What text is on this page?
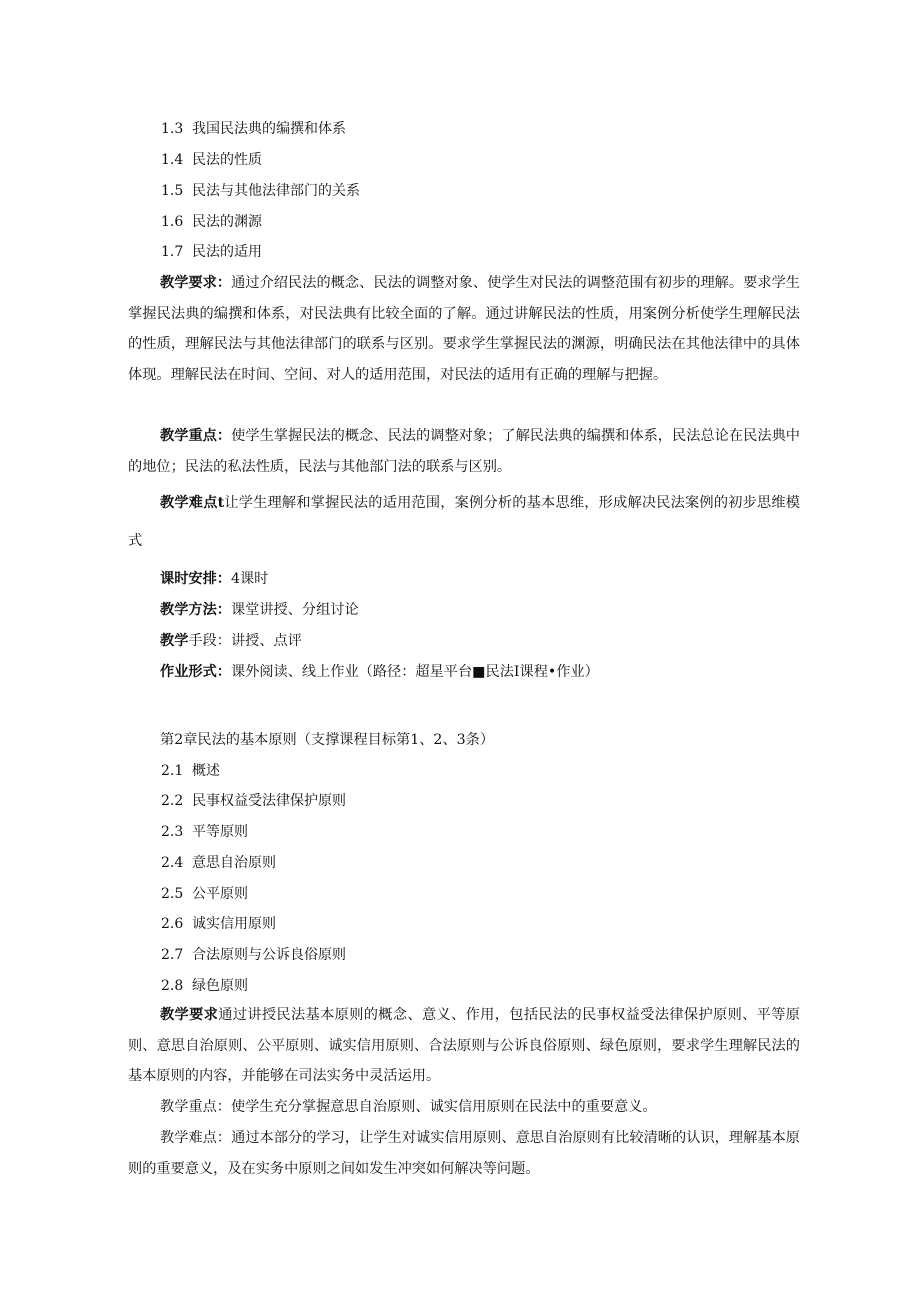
1.3 我国民法典的编撰和体系
1.4 民法的性质
1.5 民法与其他法律部门的关系
1.6 民法的渊源
1.7 民法的适用
教学要求：通过介绍民法的概念、民法的调整对象、使学生对民法的调整范围有初步的理解。要求学生掌握民法典的编撰和体系，对民法典有比较全面的了解。通过讲解民法的性质，用案例分析使学生理解民法的性质，理解民法与其他法律部门的联系与区别。要求学生掌握民法的渊源，明确民法在其他法律中的具体体现。理解民法在时间、空间、对人的适用范围，对民法的适用有正确的理解与把握。
教学重点：使学生掌握民法的概念、民法的调整对象；了解民法典的编撰和体系，民法总论在民法典中的地位；民法的私法性质，民法与其他部门法的联系与区别。
教学难点t让学生理解和掌握民法的适用范围，案例分析的基本思维，形成解决民法案例的初步思维模式
课时安排：4课时
教学方法：课堂讲授、分组讨论
教学手段：讲授、点评
作业形式：课外阅读、线上作业（路径：超星平台■民法I课程•作业）
第2章民法的基本原则（支撑课程目标第1、2、3条）
2.1 概述
2.2 民事权益受法律保护原则
2.3 平等原则
2.4 意思自治原则
2.5 公平原则
2.6 诚实信用原则
2.7 合法原则与公诉良俗原则
2.8 绿色原则
教学要求通过讲授民法基本原则的概念、意义、作用，包括民法的民事权益受法律保护原则、平等原则、意思自治原则、公平原则、诚实信用原则、合法原则与公诉良俗原则、绿色原则，要求学生理解民法的基本原则的内容，并能够在司法实务中灵活运用。
教学重点：使学生充分掌握意思自治原则、诚实信用原则在民法中的重要意义。
教学难点：通过本部分的学习，让学生对诚实信用原则、意思自治原则有比较清晰的认识，理解基本原则的重要意义，及在实务中原则之间如发生冲突如何解决等问题。
